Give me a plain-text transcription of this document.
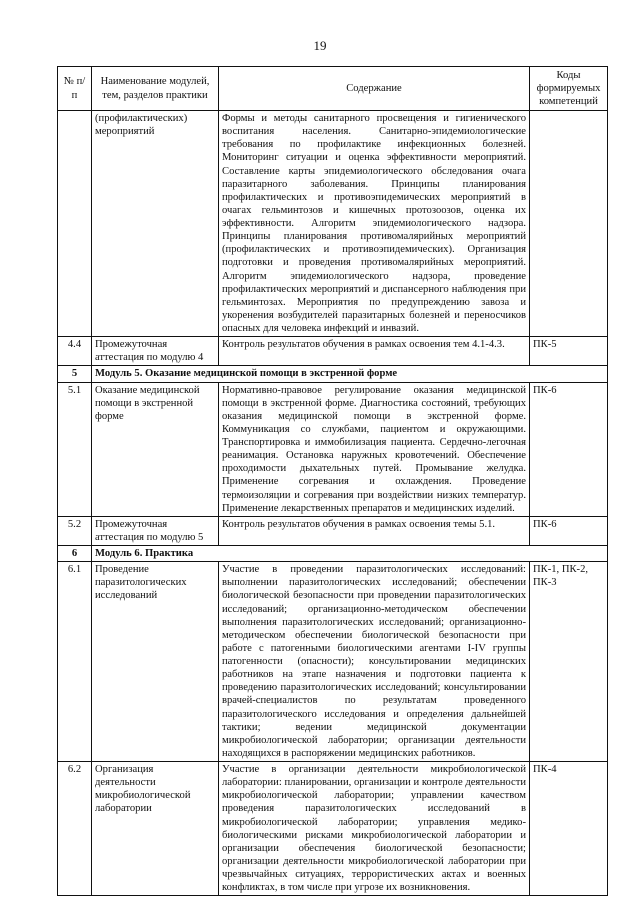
19
№ п/п	Наименование модулей, тем, разделов практики	Содержание	Коды формируемых компетенций
	(профилактических) мероприятий	Формы и методы санитарного просвещения и гигиенического воспитания населения. Санитарно-эпидемиологические требования по профилактике инфекционных болезней. Мониторинг ситуации и оценка эффективности мероприятий. Составление карты эпидемиологического обследования очага паразитарного заболевания. Принципы планирования профилактических и противоэпидемических мероприятий в очагах гельминтозов и кишечных протозоозов, оценка их эффективности. Алгоритм эпидемиологического надзора. Принципы планирования противомалярийных мероприятий (профилактических и противоэпидемических). Организация подготовки и проведения противомалярийных мероприятий. Алгоритм эпидемиологического надзора, проведение профилактических мероприятий и диспансерного наблюдения при гельминтозах. Мероприятия по предупреждению завоза и укоренения возбудителей паразитарных болезней и переносчиков опасных для человека инфекций и инвазий.	
4.4	Промежуточная аттестация по модулю 4	Контроль результатов обучения в рамках освоения тем 4.1-4.3.	ПК-5
5	Модуль 5. Оказание медицинской помощи в экстренной форме		
5.1	Оказание медицинской помощи в экстренной форме	Нормативно-правовое регулирование оказания медицинской помощи в экстренной форме. Диагностика состояний, требующих оказания медицинской помощи в экстренной форме. Коммуникация со службами, пациентом и окружающими. Транспортировка и иммобилизация пациента. Сердечно-легочная реанимация. Остановка наружных кровотечений. Обеспечение проходимости дыхательных путей. Промывание желудка. Применение согревания и охлаждения. Проведение термоизоляции и согревания при воздействии низких температур. Применение лекарственных препаратов и медицинских изделий.	ПК-6
5.2	Промежуточная аттестация по модулю 5	Контроль результатов обучения в рамках освоения темы 5.1.	ПК-6
6	Модуль 6. Практика		
6.1	Проведение паразитологических исследований	Участие в проведении паразитологических исследований: выполнении паразитологических исследований; обеспечении биологической безопасности при проведении паразитологических исследований; организационно-методическом обеспечении выполнения паразитологических исследований; организационно-методическом обеспечении биологической безопасности при работе с патогенными биологическими агентами I-IV группы патогенности (опасности); консультировании медицинских работников на этапе назначения и подготовки пациента к проведению паразитологических исследований; консультировании врачей-специалистов по результатам проведенного паразитологического исследования и определения дальнейшей тактики; ведении медицинской документации микробиологической лаборатории; организации деятельности находящихся в распоряжении медицинских работников.	ПК-1, ПК-2, ПК-3
6.2	Организация деятельности микробиологической лаборатории	Участие в организации деятельности микробиологической лаборатории: планировании, организации и контроле деятельности микробиологической лаборатории; управлении качеством проведения паразитологических исследований в микробиологической лаборатории; управления медико-биологическими рисками микробиологической лаборатории и организации обеспечения биологической безопасности; организации деятельности микробиологической лаборатории при чрезвычайных ситуациях, террористических актах и военных конфликтах, в том числе при угрозе их возникновения.	ПК-4
